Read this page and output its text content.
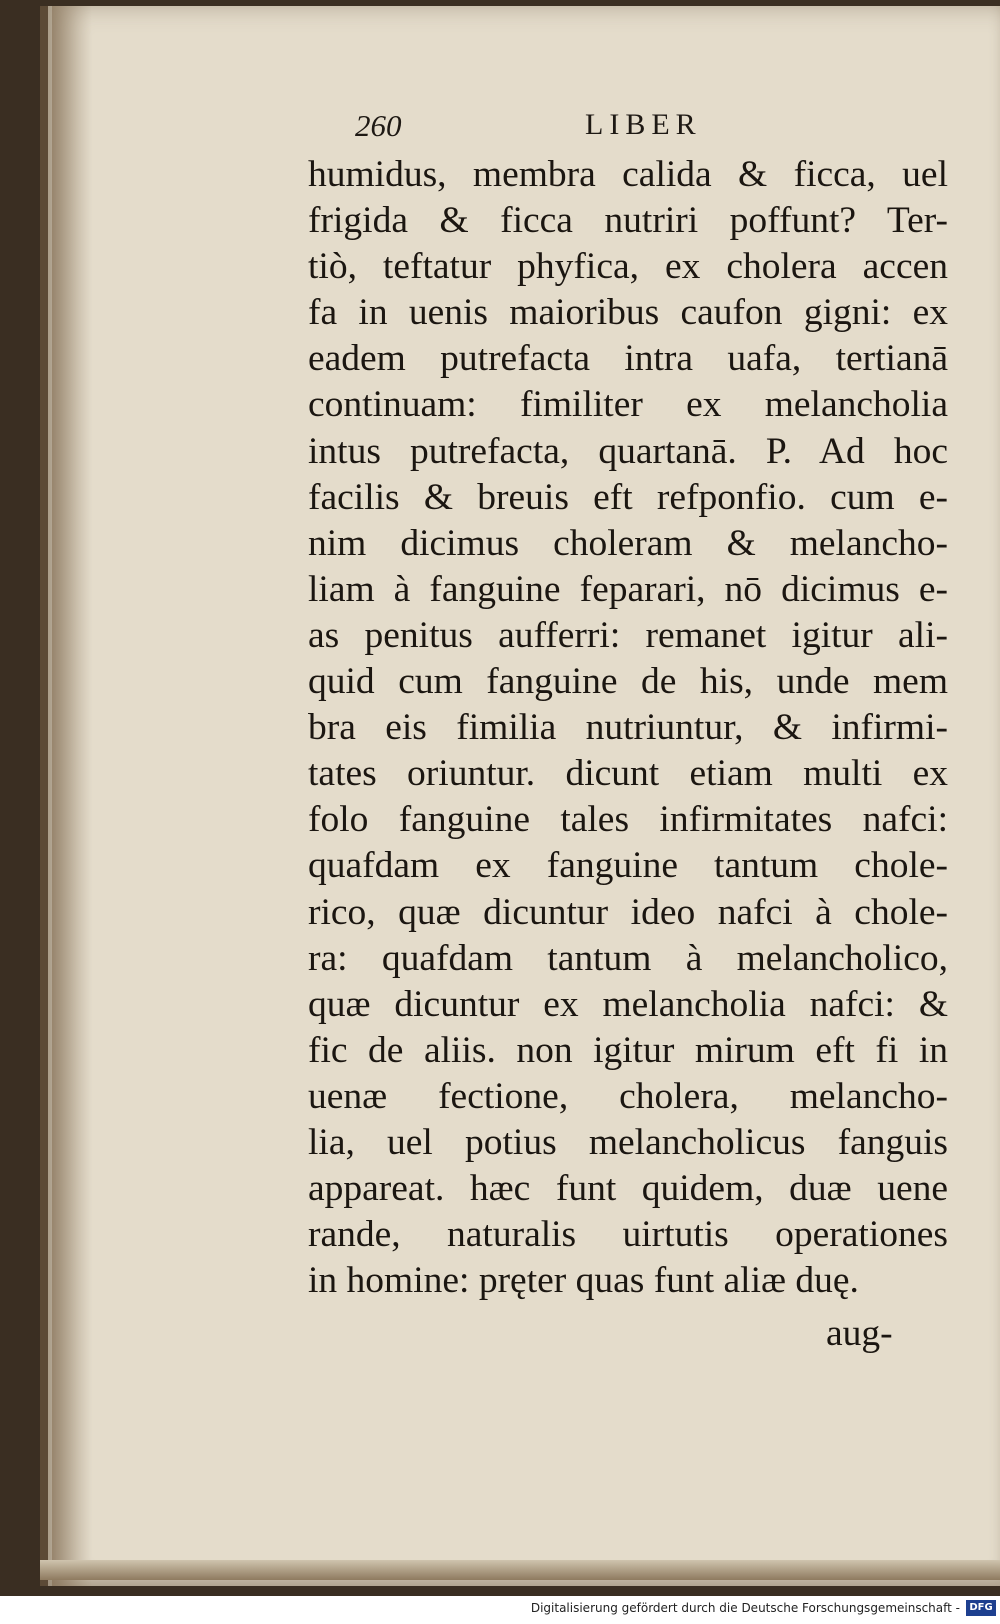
260	LIBER
humidus, membra calida & ficca, uel
frigida & ficca nutriri poffunt? Ter-
tiò, teftatur phyfica, ex cholera accen
fa in uenis maioribus caufon gigni: ex
eadem putrefacta intra uafa, tertianā
continuam: fimiliter ex melancholia
intus putrefacta, quartanā. P. Ad hoc
facilis & breuis eft refponfio. cum e-
nim dicimus choleram & melancho-
liam à fanguine feparari, nō dicimus e-
as penitus aufferri: remanet igitur ali-
quid cum fanguine de his, unde mem
bra eis fimilia nutriuntur, & infirmi-
tates oriuntur. dicunt etiam multi ex
folo fanguine tales infirmitates nafci:
quafdam ex fanguine tantum chole-
rico, quæ dicuntur ideo nafci à chole-
ra: quafdam tantum à melancholico,
quæ dicuntur ex melancholia nafci: &
fic de aliis. non igitur mirum eft fi in
uenæ fectione, cholera, melancho-
lia, uel potius melancholicus fanguis
appareat. hæc funt quidem, duæ uene
rande, naturalis uirtutis operationes
in homine: pręter quas funt aliæ duę.
aug-
Digitalisierung gefördert durch die Deutsche Forschungsgemeinschaft - DFG
